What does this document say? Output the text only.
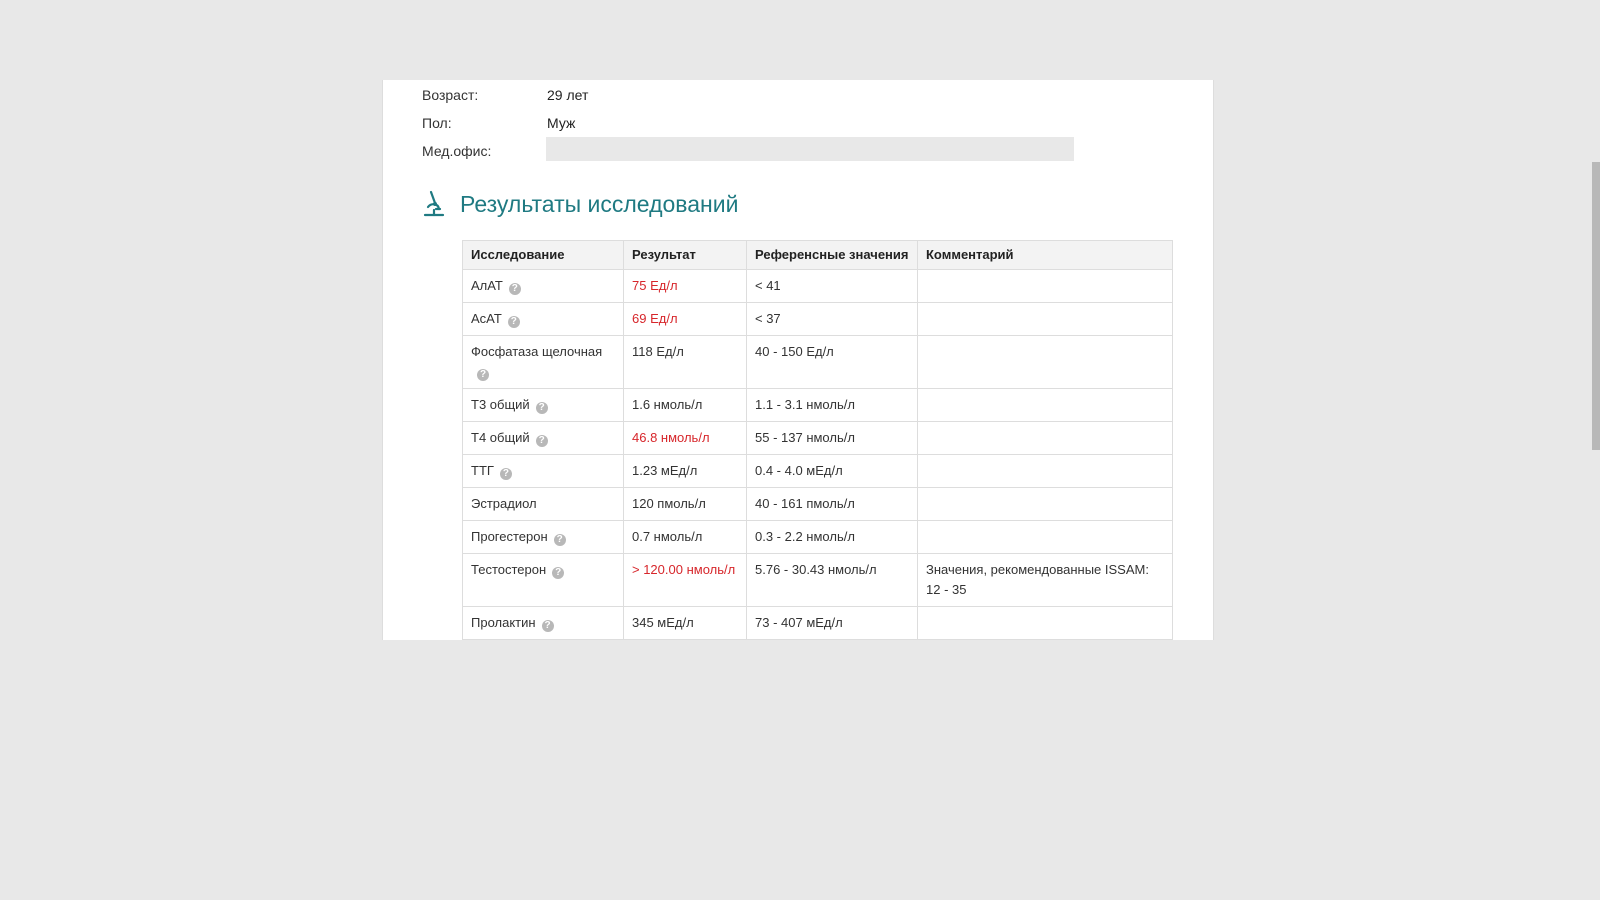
Возраст:	29 лет
Пол:	Муж
Мед.офис:
Результаты исследований
Исследование	Результат	Референсные значения	Комментарий
АлАТ ?	75 Ед/л	< 41	
АсАТ ?	69 Ед/л	< 37	
Фосфатаза щелочная?	118 Ед/л	40 - 150 Ед/л	
Т3 общий ?	1.6 нмоль/л	1.1 - 3.1 нмоль/л	
Т4 общий ?	46.8 нмоль/л	55 - 137 нмоль/л	
ТТГ ?	1.23 мЕд/л	0.4 - 4.0 мЕд/л	
Эстрадиол	120 пмоль/л	40 - 161 пмоль/л	
Прогестерон ?	0.7 нмоль/л	0.3 - 2.2 нмоль/л	
Тестостерон ?	> 120.00 нмоль/л	5.76 - 30.43 нмоль/л	Значения, рекомендованные ISSAM: 12 - 35
Пролактин ?	345 мЕд/л	73 - 407 мЕд/л	
